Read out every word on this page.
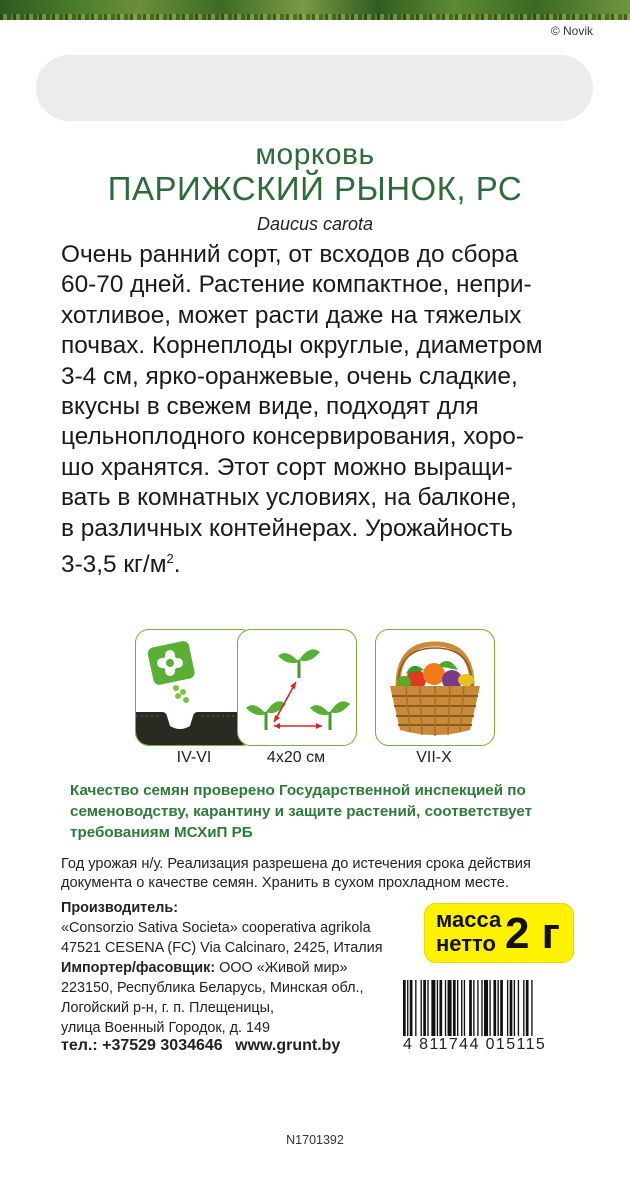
© Novik
морковь
ПАРИЖСКИЙ РЫНОК, РС
Daucus carota
Очень ранний сорт, от всходов до сбора
60-70 дней. Растение компактное, непри-
хотливое, может расти даже на тяжелых
почвах. Корнеплоды округлые, диаметром
3-4 см, ярко-оранжевые, очень сладкие,
вкусны в свежем виде, подходят для
цельноплодного консервирования, хоро-
шо хранятся. Этот сорт можно выращи-
вать в комнатных условиях, на балконе,
в различных контейнерах. Урожайность
3-3,5 $кг/м^2$.
IV-VI	4x20 см	VII-X
Качество семян проверено Государственной инспекцией по семеноводству, карантину и защите растений, соответствует требованиям МСХиП РБ
Год урожая н/у. Реализация разрешена до истечения срока действия документа о качестве семян. Хранить в сухом прохладном месте.
Производитель:
«Consorzio Sativa Societa» cooperativa agrikola
47521 CESENA (FC) Via Calcinaro, 2425, Италия
Импортер/фасовщик: ООО «Живой мир»
223150, Республика Беларусь, Минская обл.,
Логойский р-н, г. п. Плещеницы,
улица Военный Городок, д. 149
тел.: +37529 3034646 www.grunt.by
масса
нетто 2 г
4 811744 015115
N1701392
